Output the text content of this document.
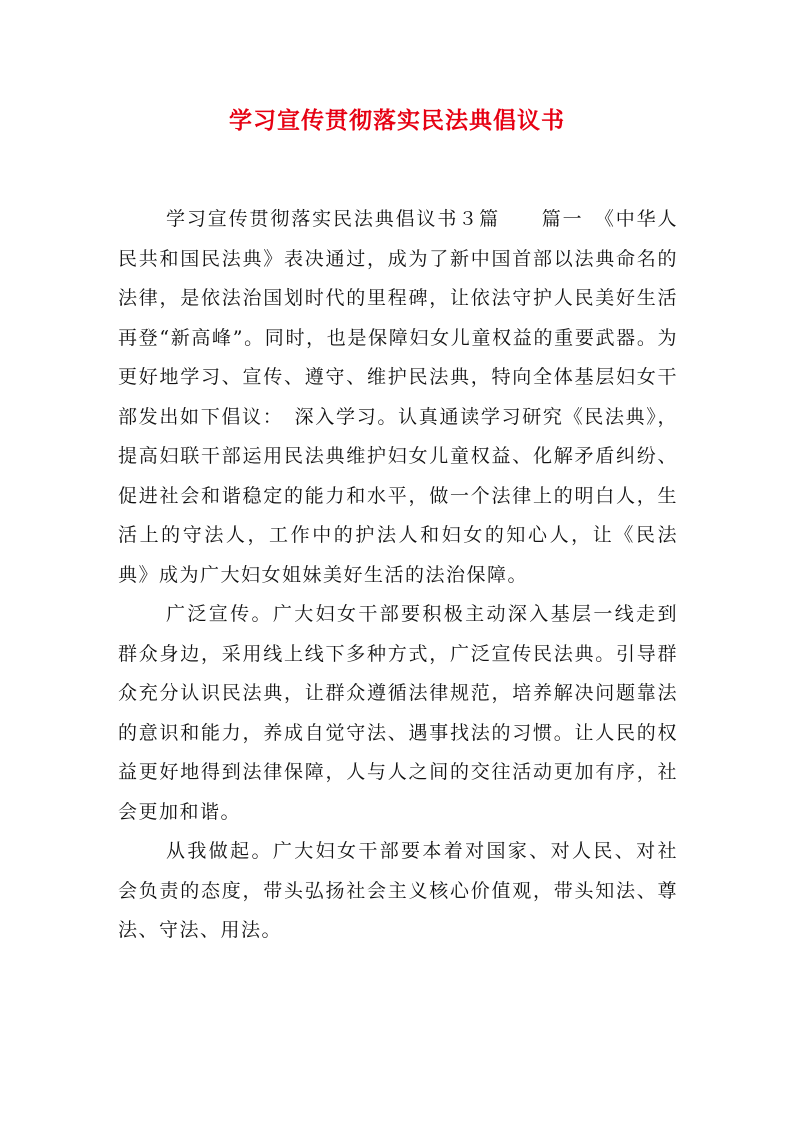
学习宣传贯彻落实民法典倡议书

学习宣传贯彻落实民法典倡议书３篇　　篇一　《中华人民共和国民法典》表决通过，成为了新中国首部以法典命名的法律，是依法治国划时代的里程碑，让依法守护人民美好生活再登“新高峰”。同时，也是保障妇女儿童权益的重要武器。为更好地学习、宣传、遵守、维护民法典，特向全体基层妇女干部发出如下倡议：　深入学习。认真通读学习研究《民法典》，提高妇联干部运用民法典维护妇女儿童权益、化解矛盾纠纷、促进社会和谐稳定的能力和水平，做一个法律上的明白人，生活上的守法人，工作中的护法人和妇女的知心人，让《民法典》成为广大妇女姐妹美好生活的法治保障。

广泛宣传。广大妇女干部要积极主动深入基层一线走到群众身边，采用线上线下多种方式，广泛宣传民法典。引导群众充分认识民法典，让群众遵循法律规范，培养解决问题靠法的意识和能力，养成自觉守法、遇事找法的习惯。让人民的权益更好地得到法律保障，人与人之间的交往活动更加有序，社会更加和谐。

从我做起。广大妇女干部要本着对国家、对人民、对社会负责的态度，带头弘扬社会主义核心价值观，带头知法、尊法、守法、用法。
